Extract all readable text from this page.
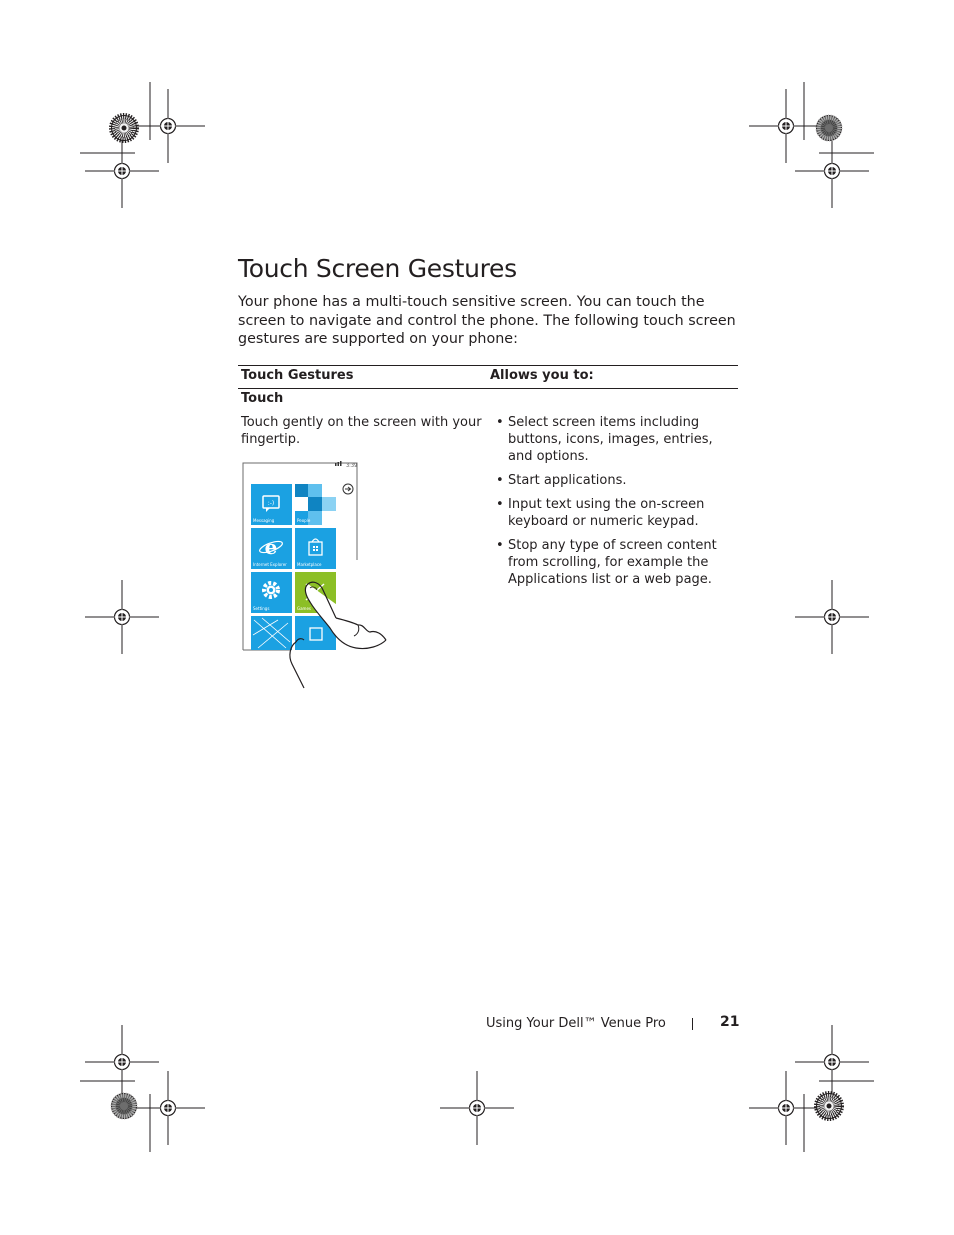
Touch Screen Gestures

Your phone has a multi-touch sensitive screen. You can touch the screen to navigate and control the phone. The following touch screen gestures are supported on your phone:

Touch Gestures	Allows you to:
Touch
Touch gently on the screen with your fingertip.
• Select screen items including buttons, icons, images, entries, and options.
• Start applications.
• Input text using the on-screen keyboard or numeric keypad.
• Stop any type of screen content from scrolling, for example the Applications list or a web page.
3:39
:-)
Messaging	People
e
Internet Explorer	Marketplace
Settings	Games
Using Your Dell™ Venue Pro	21
